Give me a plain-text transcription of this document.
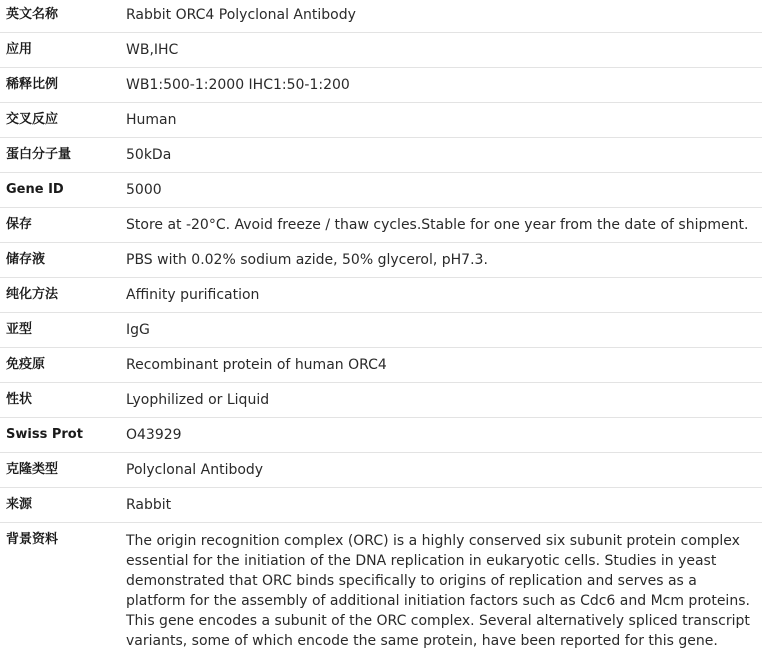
英文名称	Rabbit ORC4 Polyclonal Antibody
应用	WB,IHC
稀释比例	WB1:500-1:2000 IHC1:50-1:200
交叉反应	Human
蛋白分子量	50kDa
Gene ID	5000
保存	Store at -20°C. Avoid freeze / thaw cycles.Stable for one year from the date of shipment.
储存液	PBS with 0.02% sodium azide, 50% glycerol, pH7.3.
纯化方法	Affinity purification
亚型	IgG
免疫原	Recombinant protein of human ORC4
性状	Lyophilized or Liquid
Swiss Prot	O43929
克隆类型	Polyclonal Antibody
来源	Rabbit
背景资料	The origin recognition complex (ORC) is a highly conserved six subunit protein complex essential for the initiation of the DNA replication in eukaryotic cells. Studies in yeast demonstrated that ORC binds specifically to origins of replication and serves as a platform for the assembly of additional initiation factors such as Cdc6 and Mcm proteins. This gene encodes a subunit of the ORC complex. Several alternatively spliced transcript variants, some of which encode the same protein, have been reported for this gene.
